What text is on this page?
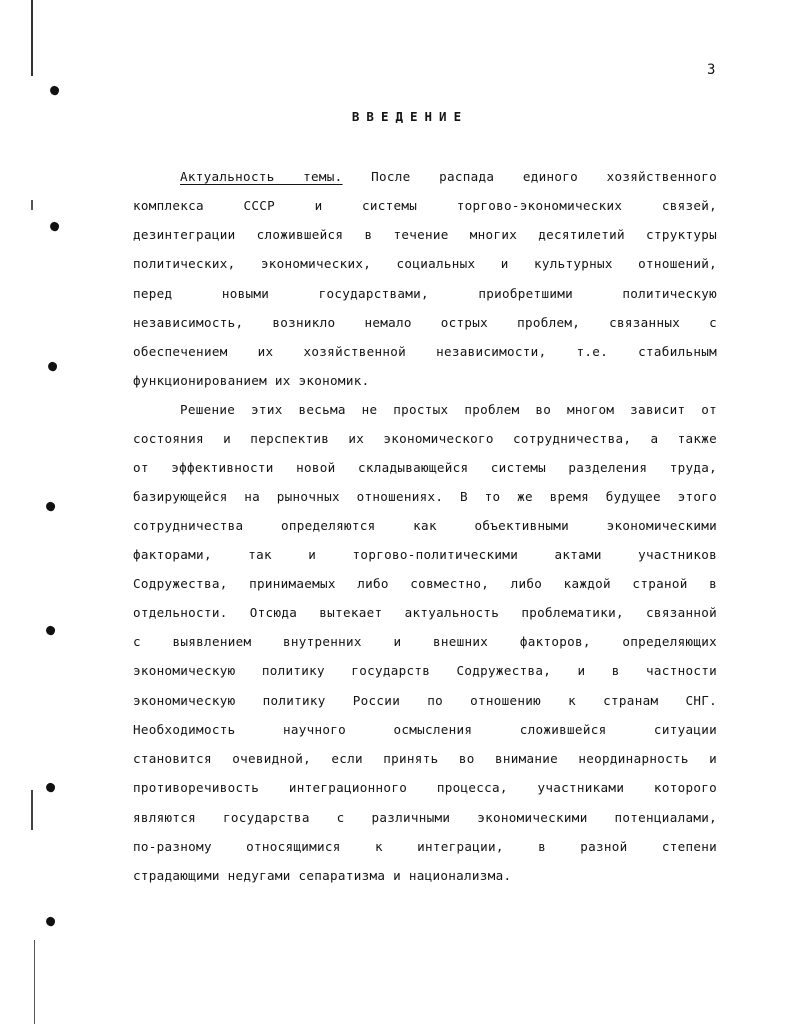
3
ВВЕДЕНИЕ
Актуальность темы. После распада единого хозяйственного
комплекса СССР и системы торгово-экономических связей,
дезинтеграции сложившейся в течение многих десятилетий структуры
политических, экономических, социальных и культурных отношений,
перед новыми государствами, приобретшими политическую
независимость, возникло немало острых проблем, связанных с
обеспечением их хозяйственной независимости, т.е. стабильным
функционированием их экономик.
Решение этих весьма не простых проблем во многом зависит от
состояния и перспектив их экономического сотрудничества, а также
от эффективности новой складывающейся системы разделения труда,
базирующейся на рыночных отношениях. В то же время будущее этого
сотрудничества определяются как объективными экономическими
факторами, так и торгово-политическими актами участников
Содружества, принимаемых либо совместно, либо каждой страной в
отдельности. Отсюда вытекает актуальность проблематики, связанной
с выявлением внутренних и внешних факторов, определяющих
экономическую политику государств Содружества, и в частности
экономическую политику России по отношению к странам СНГ.
Необходимость научного осмысления сложившейся ситуации
становится очевидной, если принять во внимание неординарность и
противоречивость интеграционного процесса, участниками которого
являются государства с различными экономическими потенциалами,
по-разному относящимися к интеграции, в разной степени
страдающими недугами сепаратизма и национализма.
